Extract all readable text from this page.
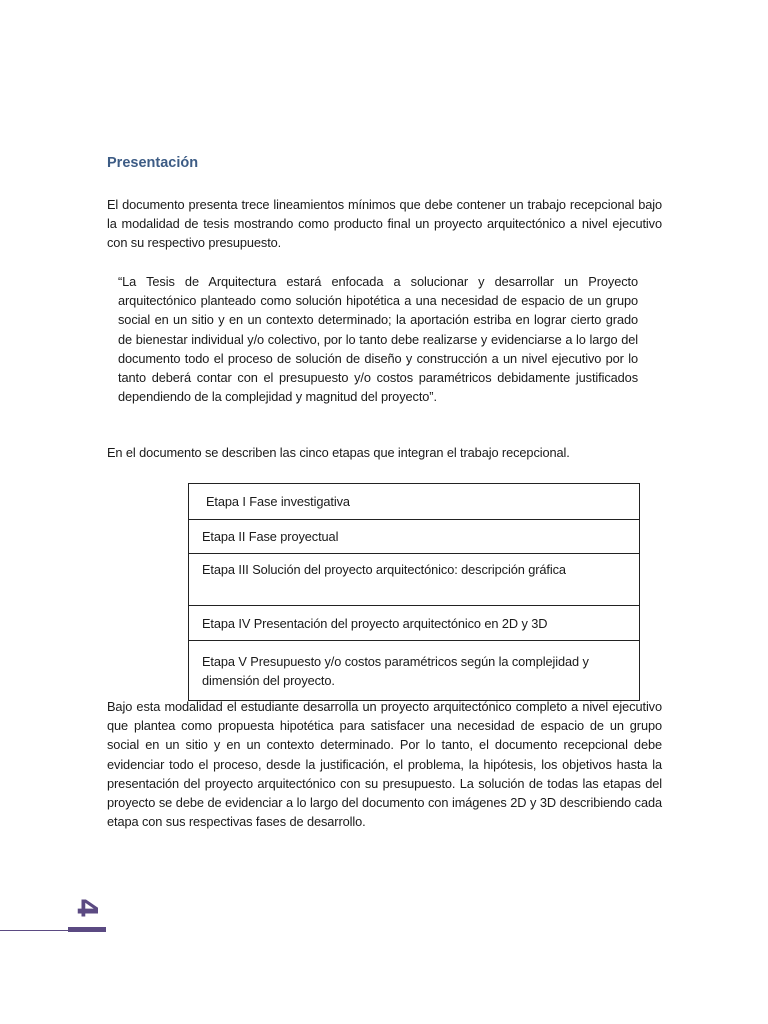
Presentación

El documento presenta trece lineamientos mínimos que debe contener un trabajo recepcional bajo la modalidad de tesis mostrando como producto final un proyecto arquitectónico a nivel ejecutivo con su respectivo presupuesto.

“La Tesis de Arquitectura estará enfocada a solucionar y desarrollar un Proyecto arquitectónico planteado como solución hipotética a una necesidad de espacio de un grupo social en un sitio y en un contexto determinado; la aportación estriba en lograr cierto grado de bienestar individual y/o colectivo, por lo tanto debe realizarse y evidenciarse a lo largo del documento todo el proceso de solución de diseño y construcción a un nivel ejecutivo por lo tanto deberá contar con el presupuesto y/o costos paramétricos debidamente justificados dependiendo de la complejidad y magnitud del proyecto”.

En el documento se describen las cinco etapas que integran el trabajo recepcional.

Etapa I Fase investigativa
Etapa II Fase proyectual
Etapa III Solución del proyecto arquitectónico: descripción gráfica
Etapa IV Presentación del proyecto arquitectónico en 2D y 3D
Etapa V Presupuesto y/o costos paramétricos según la complejidad y dimensión del proyecto.

Bajo esta modalidad el estudiante desarrolla un proyecto arquitectónico completo a nivel ejecutivo que plantea como propuesta hipotética para satisfacer una necesidad de espacio de un grupo social en un sitio y en un contexto determinado. Por lo tanto, el documento recepcional debe evidenciar todo el proceso, desde la justificación, el problema, la hipótesis, los objetivos hasta la presentación del proyecto arquitectónico con su presupuesto. La solución de todas las etapas del proyecto se debe de evidenciar a lo largo del documento con imágenes 2D y 3D describiendo cada etapa con sus respectivas fases de desarrollo.

4
